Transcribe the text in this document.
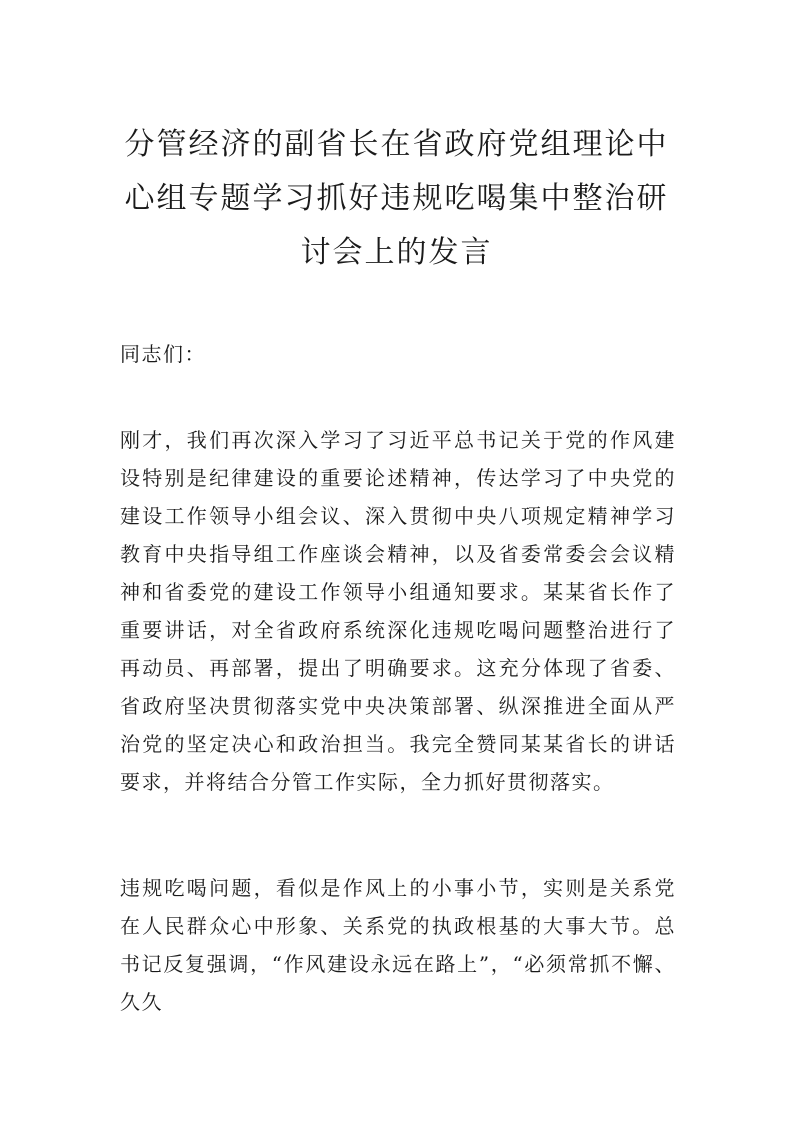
分管经济的副省长在省政府党组理论中心组专题学习抓好违规吃喝集中整治研讨会上的发言

同志们：

刚才，我们再次深入学习了习近平总书记关于党的作风建设特别是纪律建设的重要论述精神，传达学习了中央党的建设工作领导小组会议、深入贯彻中央八项规定精神学习教育中央指导组工作座谈会精神，以及省委常委会会议精神和省委党的建设工作领导小组通知要求。某某省长作了重要讲话，对全省政府系统深化违规吃喝问题整治进行了再动员、再部署，提出了明确要求。这充分体现了省委、省政府坚决贯彻落实党中央决策部署、纵深推进全面从严治党的坚定决心和政治担当。我完全赞同某某省长的讲话要求，并将结合分管工作实际，全力抓好贯彻落实。

违规吃喝问题，看似是作风上的小事小节，实则是关系党在人民群众心中形象、关系党的执政根基的大事大节。总书记反复强调，“作风建设永远在路上”，“必须常抓不懈、久久
